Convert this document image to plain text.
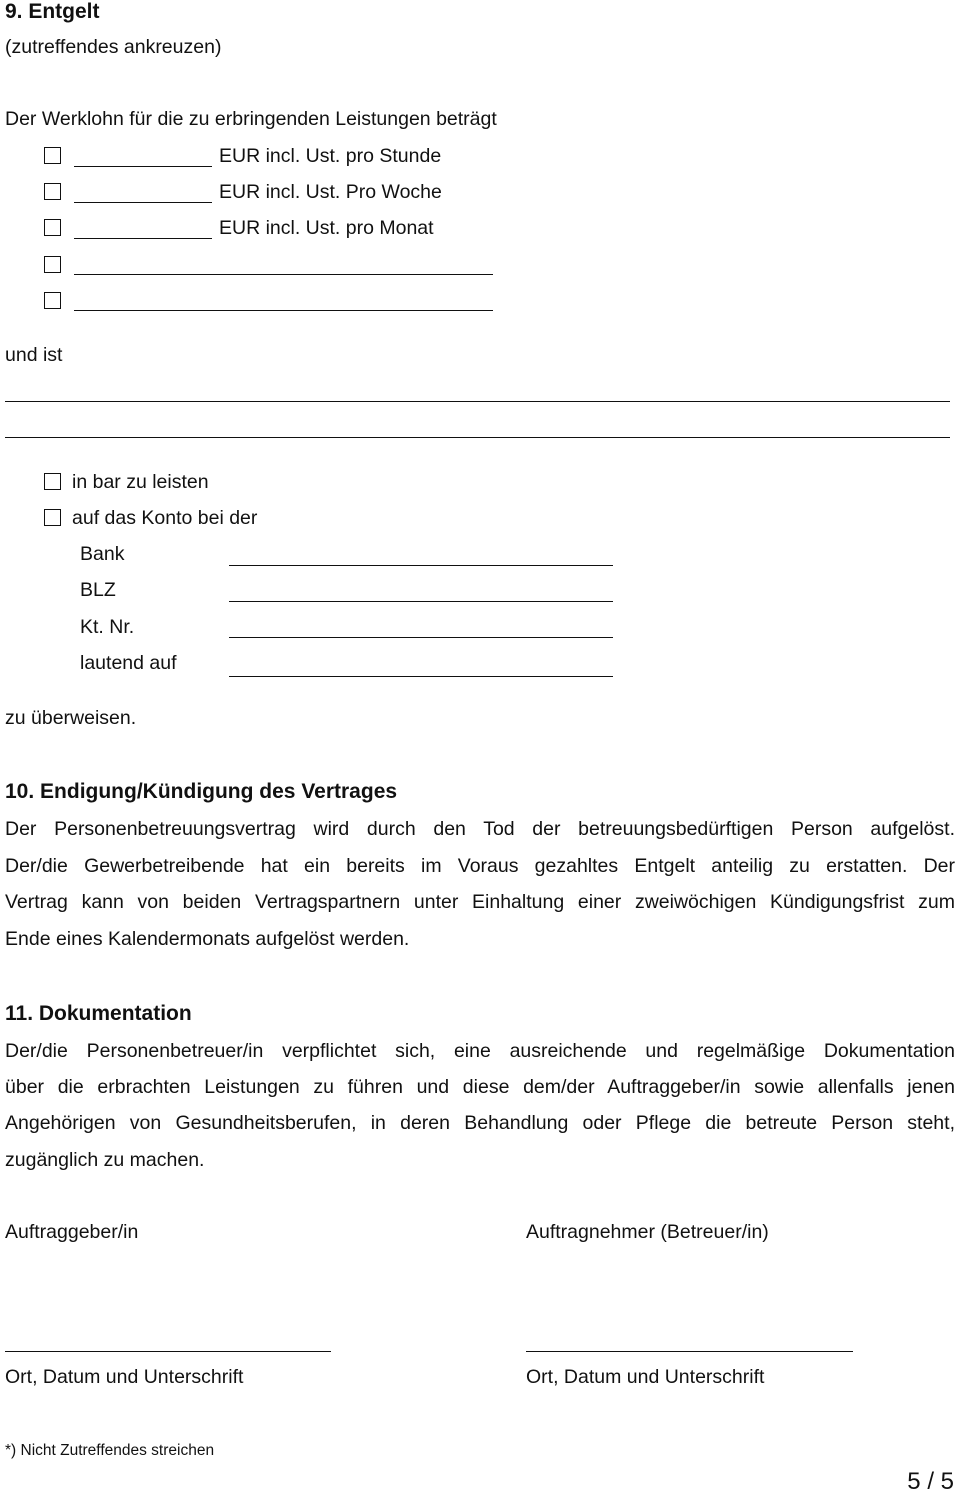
9. Entgelt
(zutreffendes ankreuzen)
Der Werklohn für die zu erbringenden Leistungen beträgt
EUR incl. Ust. pro Stunde
EUR incl. Ust. Pro Woche
EUR incl. Ust. pro Monat
und ist
in bar zu leisten
auf das Konto bei der
Bank
BLZ
Kt. Nr.
lautend auf
zu überweisen.
10. Endigung/Kündigung des Vertrages
Der Personenbetreuungsvertrag wird durch den Tod der betreuungsbedürftigen Person aufgelöst.
Der/die Gewerbetreibende hat ein bereits im Voraus gezahltes Entgelt anteilig zu erstatten. Der
Vertrag kann von beiden Vertragspartnern unter Einhaltung einer zweiwöchigen Kündigungsfrist zum
Ende eines Kalendermonats aufgelöst werden.
11. Dokumentation
Der/die Personenbetreuer/in verpflichtet sich, eine ausreichende und regelmäßige Dokumentation
über die erbrachten Leistungen zu führen und diese dem/der Auftraggeber/in sowie allenfalls jenen
Angehörigen von Gesundheitsberufen, in deren Behandlung oder Pflege die betreute Person steht,
zugänglich zu machen.
Auftraggeber/in	Auftragnehmer (Betreuer/in)
Ort, Datum und Unterschrift	Ort, Datum und Unterschrift
*) Nicht Zutreffendes streichen
5 / 5
